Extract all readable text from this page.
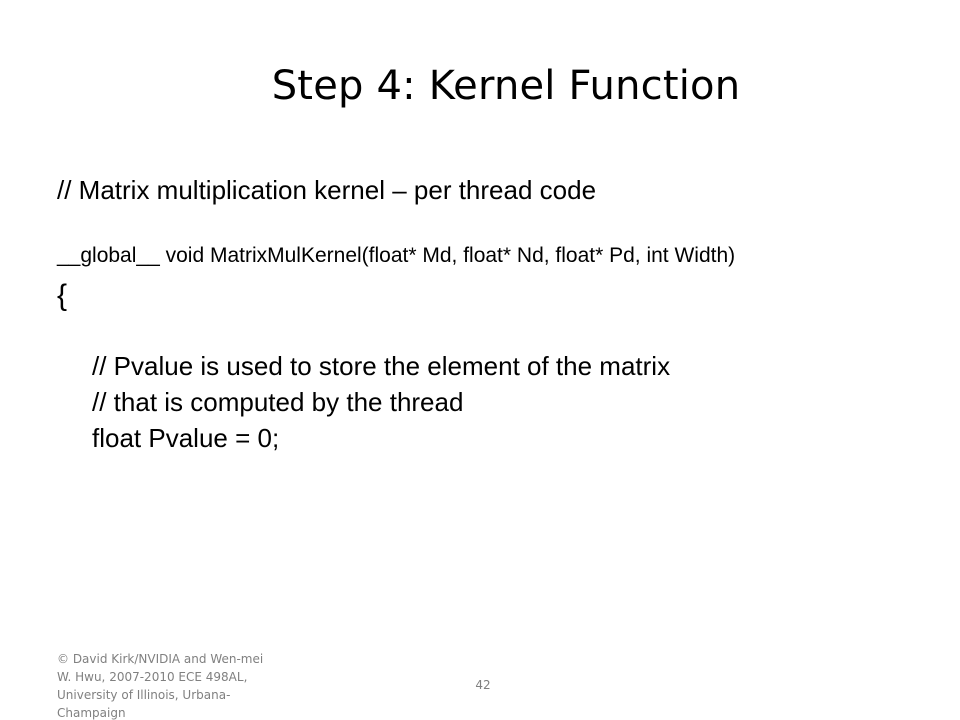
Step 4: Kernel Function
// Matrix multiplication kernel – per thread code
__global__ void MatrixMulKernel(float* Md, float* Nd, float* Pd, int Width)
{
// Pvalue is used to store the element of the matrix
// that is computed by the thread
float Pvalue = 0;
© David Kirk/NVIDIA and Wen-mei W. Hwu, 2007-2010 ECE 498AL, University of Illinois, Urbana-Champaign
42
